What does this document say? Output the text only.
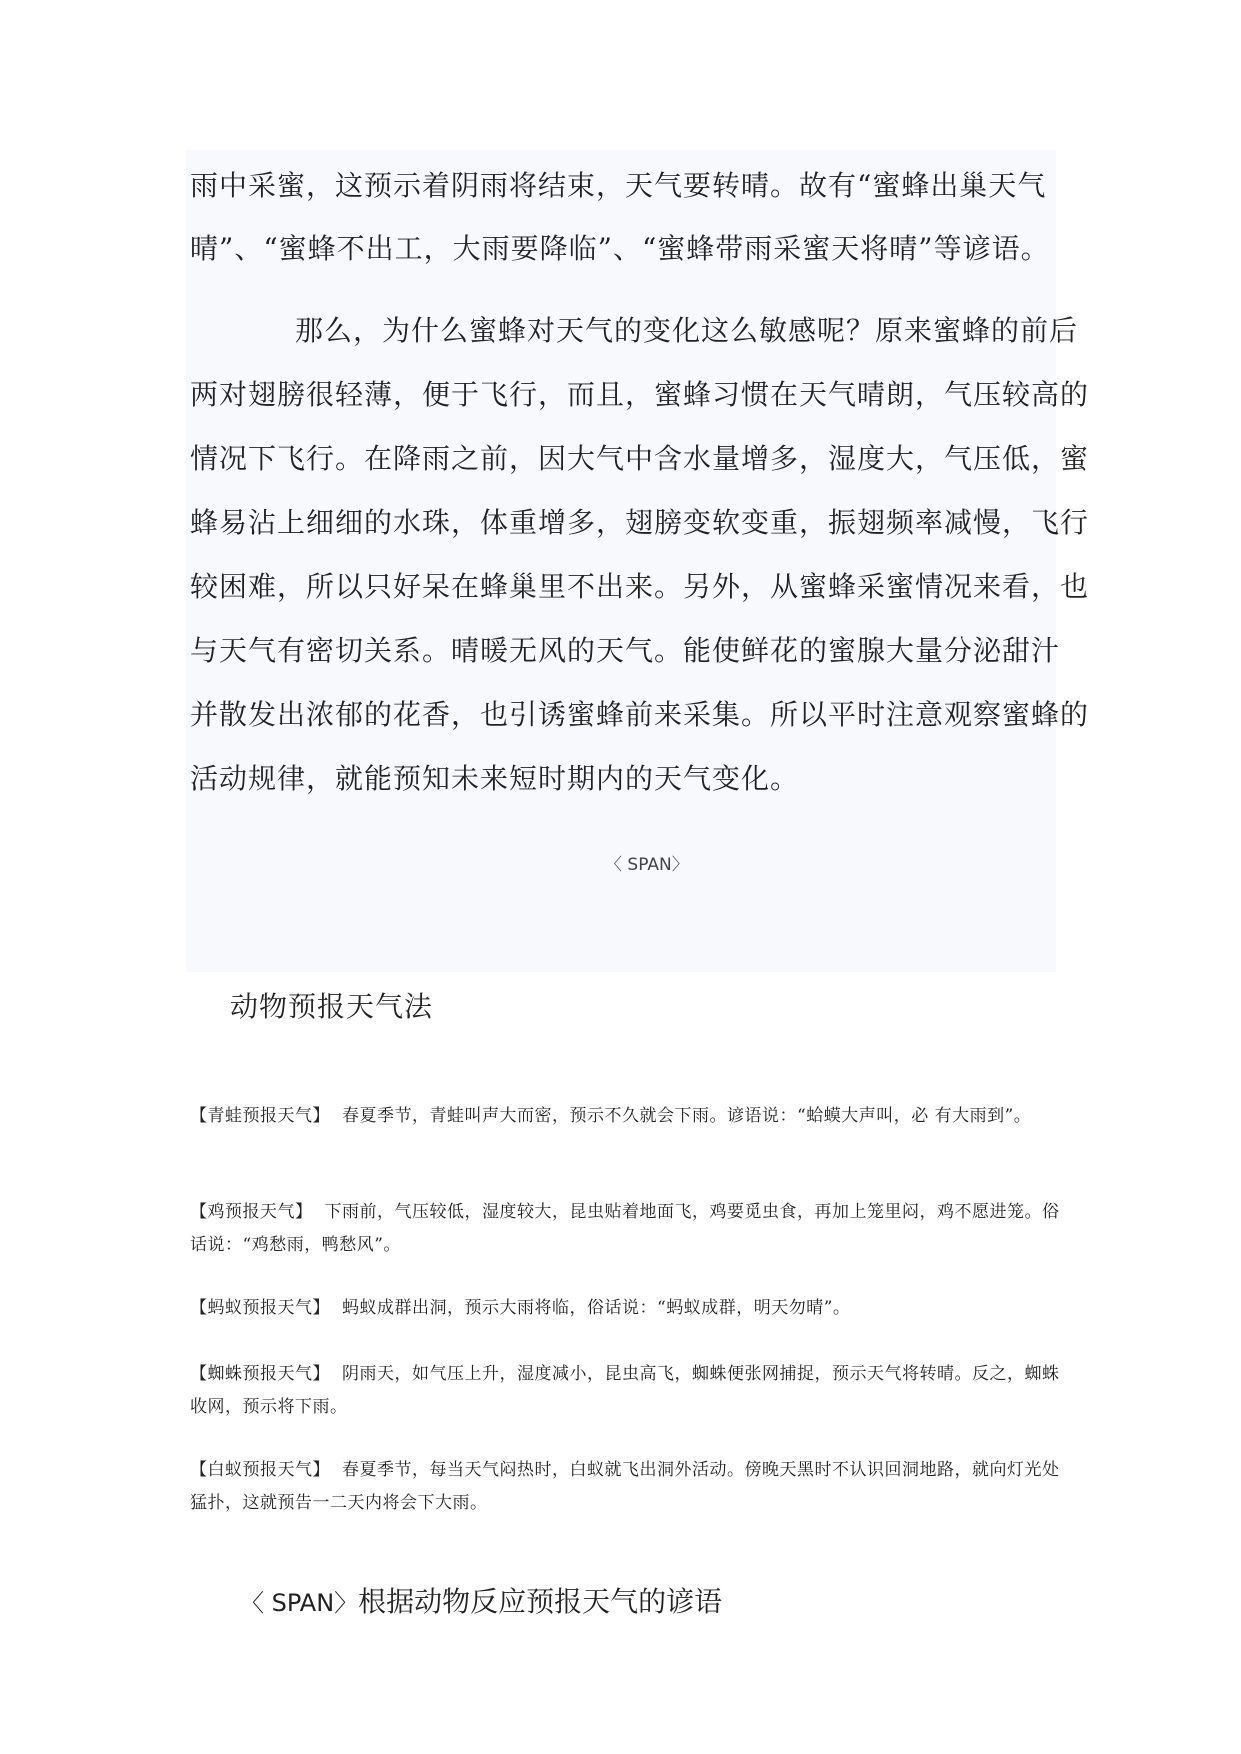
雨中采蜜，这预示着阴雨将结束，天气要转晴。故有“蜜蜂出巢天气

晴”、“蜜蜂不出工，大雨要降临”、“蜜蜂带雨采蜜天将晴”等谚语。

那么，为什么蜜蜂对天气的变化这么敏感呢？原来蜜蜂的前后

两对翅膀很轻薄，便于飞行，而且，蜜蜂习惯在天气晴朗，气压较高的

情况下飞行。在降雨之前，因大气中含水量增多，湿度大，气压低，蜜

蜂易沾上细细的水珠，体重增多，翅膀变软变重，振翅频率减慢，飞行

较困难，所以只好呆在蜂巢里不出来。另外，从蜜蜂采蜜情况来看，也

与天气有密切关系。晴暖无风的天气。能使鲜花的蜜腺大量分泌甜汁

并散发出浓郁的花香，也引诱蜜蜂前来采集。所以平时注意观察蜜蜂的

活动规律，就能预知未来短时期内的天气变化。

〈 SPAN〉

动物预报天气法

【青蛙预报天气】 春夏季节，青蛙叫声大而密，预示不久就会下雨。谚语说：“蛤蟆大声叫，必 有大雨到”。

【鸡预报天气】 下雨前，气压较低，湿度较大，昆虫贴着地面飞，鸡要觅虫食，再加上笼里闷，鸡不愿进笼。俗话说：“鸡愁雨，鸭愁风”。

【蚂蚁预报天气】 蚂蚁成群出洞，预示大雨将临，俗话说：“蚂蚁成群，明天勿晴”。

【蜘蛛预报天气】 阴雨天，如气压上升，湿度减小，昆虫高飞，蜘蛛便张网捕捉，预示天气将转晴。反之，蜘蛛收网，预示将下雨。

【白蚁预报天气】 春夏季节，每当天气闷热时，白蚁就飞出洞外活动。傍晚天黑时不认识回洞地路，就向灯光处猛扑，这就预告一二天内将会下大雨。

〈 SPAN〉根据动物反应预报天气的谚语
